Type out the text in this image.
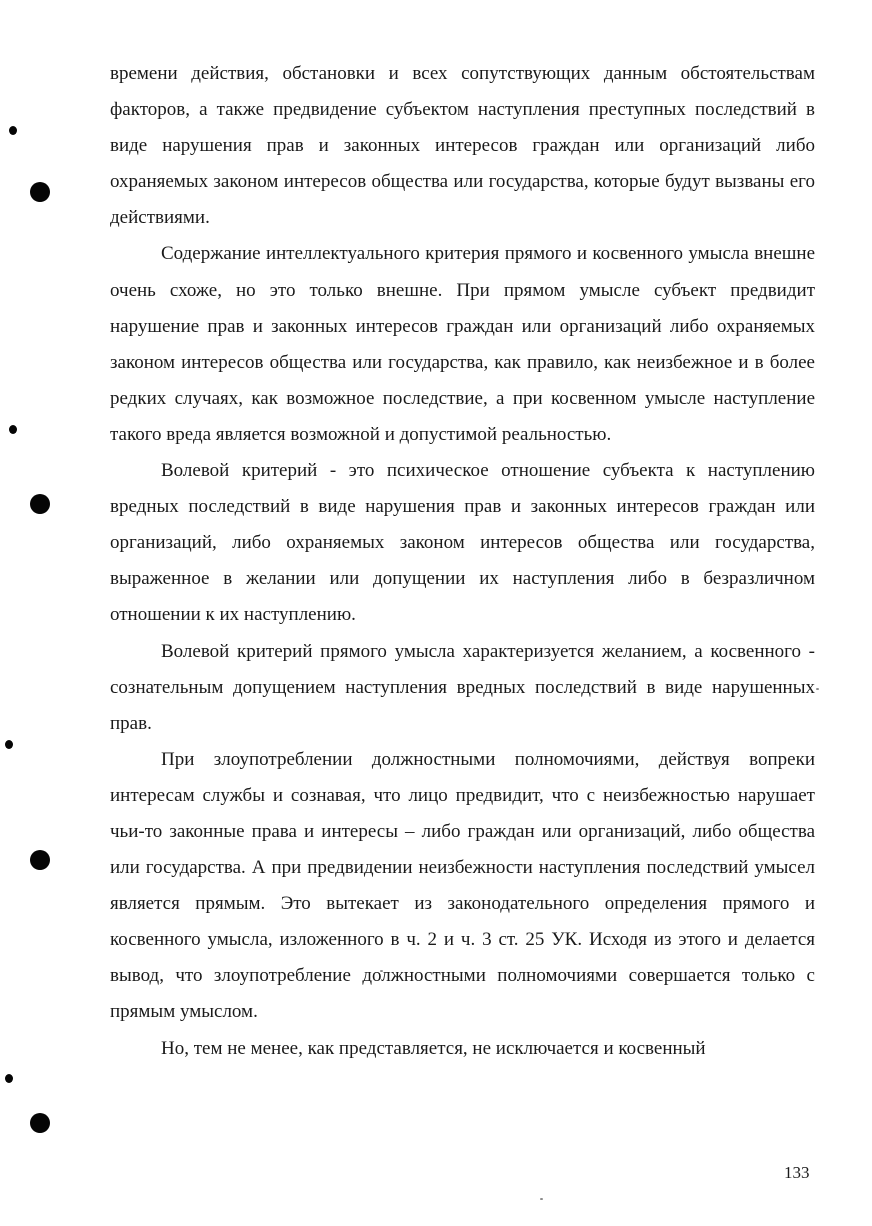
времени действия, обстановки и всех сопутствующих данным обстоятельствам факторов, а также предвидение субъектом наступления преступных последствий в виде нарушения прав и законных интересов граждан или организаций либо охраняемых законом интересов общества или государства, которые будут вызваны его действиями.

Содержание интеллектуального критерия прямого и косвенного умысла внешне очень схоже, но это только внешне. При прямом умысле субъект предвидит нарушение прав и законных интересов граждан или организаций либо охраняемых законом интересов общества или государства, как правило, как неизбежное и в более редких случаях, как возможное последствие, а при косвенном умысле наступление такого вреда является возможной и допустимой реальностью.

Волевой критерий - это психическое отношение субъекта к наступлению вредных последствий в виде нарушения прав и законных интересов граждан или организаций, либо охраняемых законом интересов общества или государства, выраженное в желании или допущении их наступления либо в безразличном отношении к их наступлению.

Волевой критерий прямого умысла характеризуется желанием, а косвенного - сознательным допущением наступления вредных последствий в виде нарушенных прав.

При злоупотреблении должностными полномочиями, действуя вопреки интересам службы и сознавая, что лицо предвидит, что с неизбежностью нарушает чьи-то законные права и интересы – либо граждан или организаций, либо общества или государства. А при предвидении неизбежности наступления последствий умысел является прямым. Это вытекает из законодательного определения прямого и косвенного умысла, изложенного в ч. 2 и ч. 3 ст. 25 УК. Исходя из этого и делается вывод, что злоупотребление должностными полномочиями совершается только с прямым умыслом.

Но, тем не менее, как представляется, не исключается и косвенный

133
